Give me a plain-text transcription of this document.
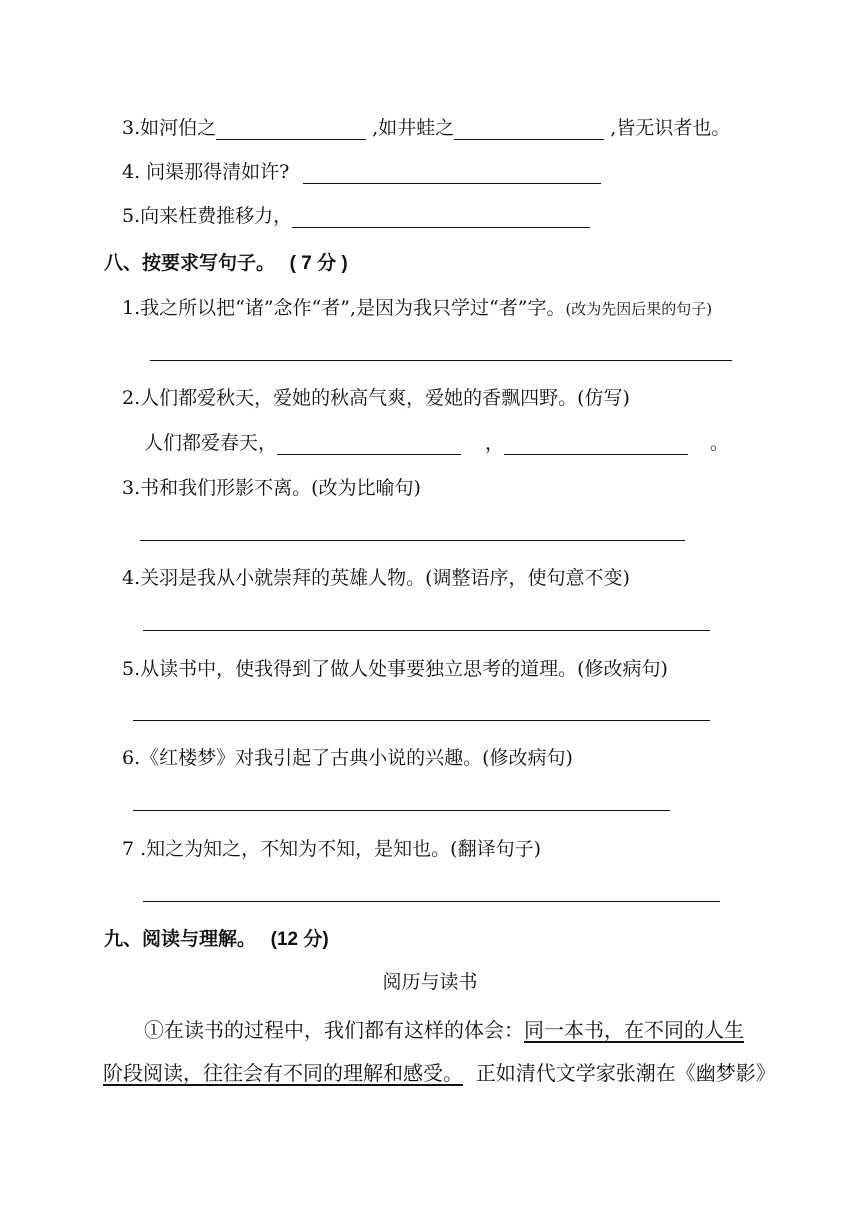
3.如河伯之	,如井蛙之	,皆无识者也。
4. 问渠那得清如许?
5.向来枉费推移力，
八、按要求写句子。 ( 7 分 )
1.我之所以把“诸”念作“者”,是因为我只学过“者”字。(改为先因后果的句子)
2.人们都爱秋天，爱她的秋高气爽，爱她的香飘四野。(仿写)
人们都爱春天，	，	。
3.书和我们形影不离。(改为比喻句)
4.关羽是我从小就崇拜的英雄人物。(调整语序，使句意不变)
5.从读书中，使我得到了做人处事要独立思考的道理。(修改病句)
6.《红楼梦》对我引起了古典小说的兴趣。(修改病句)
7 .知之为知之，不知为不知，是知也。(翻译句子)
九、阅读与理解。 (12 分)
阅历与读书
①在读书的过程中，我们都有这样的体会：同一本书，在不同的人生
阶段阅读，往往会有不同的理解和感受。  正如清代文学家张潮在《幽梦影》
